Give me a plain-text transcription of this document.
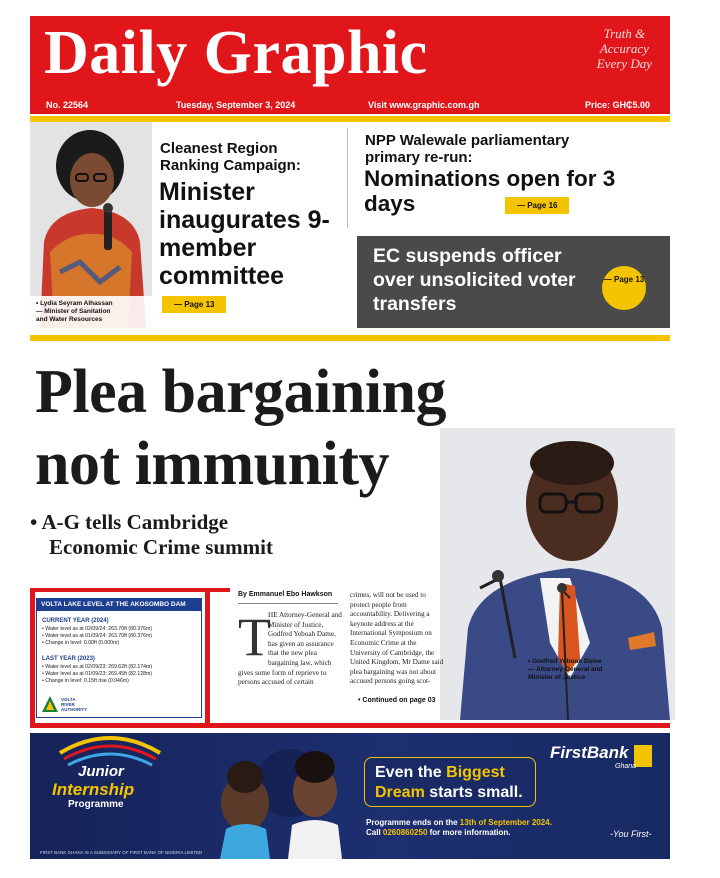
Daily Graphic	Truth &
Accuracy
Every Day
No. 22564	Tuesday, September 3, 2024	Visit www.graphic.com.gh	Price: GH₵5.00
• Lydia Seyram Alhassan
— Minister of Sanitation
and Water Resources
Cleanest Region Ranking Campaign:
Minister inaugurates 9-member committee
— Page 13
NPP Walewale parliamentary primary re-run:
Nominations open for 3 days	— Page 16
EC suspends officer over unsolicited voter transfers
— Page 13
• Godfred Yeboah Dame
— Attorney-General and
Minister of Justice
Plea bargaining
not immunity
• A-G tells Cambridge
Economic Crime summit
VOLTA LAKE LEVEL AT THE AKOSOMBO DAM
CURRENT YEAR (2024)
• Water level as at 02/09/24: 263.70ft (80.376m)
• Water level as at 01/09/24: 263.70ft (80.376m)
• Change in level: 0.00ft (0.000m)
LAST YEAR (2023)
• Water level as at 02/09/23: 269.62ft (82.174m)
• Water level as at 01/09/23: 269.45ft (82.128m)
• Change in level: 0.15ft rise (0.046m)
VOLTA
RIVER
AUTHORITY
By Emmanuel Ebo Hawkson
T
HE Attorney-General and Minister of Justice, Godfred Yeboah Dame, has given an assurance that the new plea bargaining law, which gives some form of reprieve to persons accused of certain
crimes, will not be used to protect people from accountability. Delivering a keynote address at the International Symposium on Economic Crime at the University of Cambridge, the United Kingdom, Mr Dame said plea bargaining was not about accused persons going scot-
• Continued on page 03
Junior
Internship
Programme
Even the Biggest
Dream starts small.
Programme ends on the 13th of September 2024.
Call 0260860250 for more information.
FirstBank
Ghana
-You First-
FIRST BANK GHANA IS A SUBSIDIARY OF FIRST BANK OF NIGERIA LIMITED
